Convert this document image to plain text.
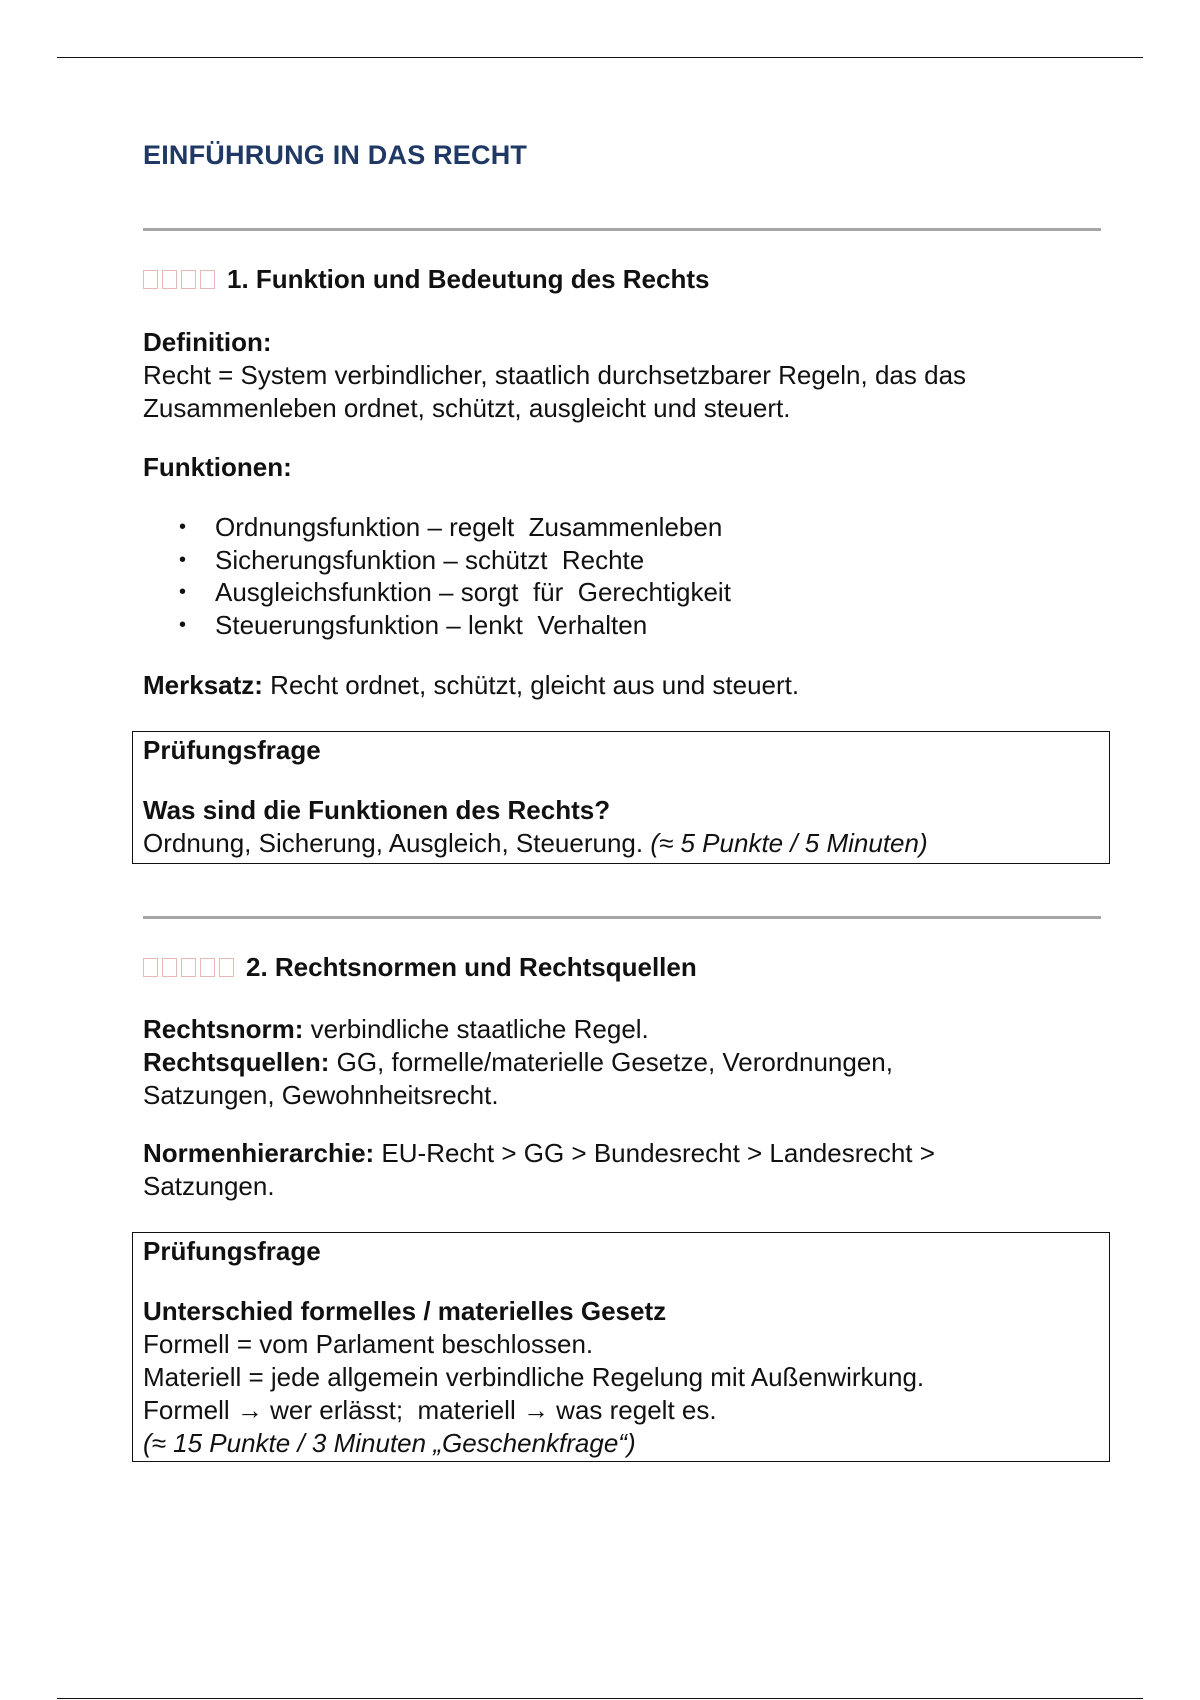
EINFÜHRUNG IN DAS RECHT
1. Funktion und Bedeutung des Rechts
Definition:
Recht = System verbindlicher, staatlich durchsetzbarer Regeln, das das
Zusammenleben ordnet, schützt, ausgleicht und steuert.
Funktionen:
• Ordnungsfunktion – regelt  Zusammenleben
• Sicherungsfunktion – schützt  Rechte
• Ausgleichsfunktion – sorgt  für  Gerechtigkeit
• Steuerungsfunktion – lenkt  Verhalten
Merksatz: Recht ordnet, schützt, gleicht aus und steuert.
Prüfungsfrage
Was sind die Funktionen des Rechts?
Ordnung, Sicherung, Ausgleich, Steuerung. (≈ 5 Punkte / 5 Minuten)
2. Rechtsnormen und Rechtsquellen
Rechtsnorm: verbindliche staatliche Regel.
Rechtsquellen: GG, formelle/materielle Gesetze, Verordnungen,
Satzungen, Gewohnheitsrecht.
Normenhierarchie: EU-Recht > GG > Bundesrecht > Landesrecht >
Satzungen.
Prüfungsfrage
Unterschied formelles / materielles Gesetz
Formell = vom Parlament beschlossen.
Materiell = jede allgemein verbindliche Regelung mit Außenwirkung.
Formell → wer erlässt;  materiell → was regelt es.
(≈ 15 Punkte / 3 Minuten „Geschenkfrage“)
